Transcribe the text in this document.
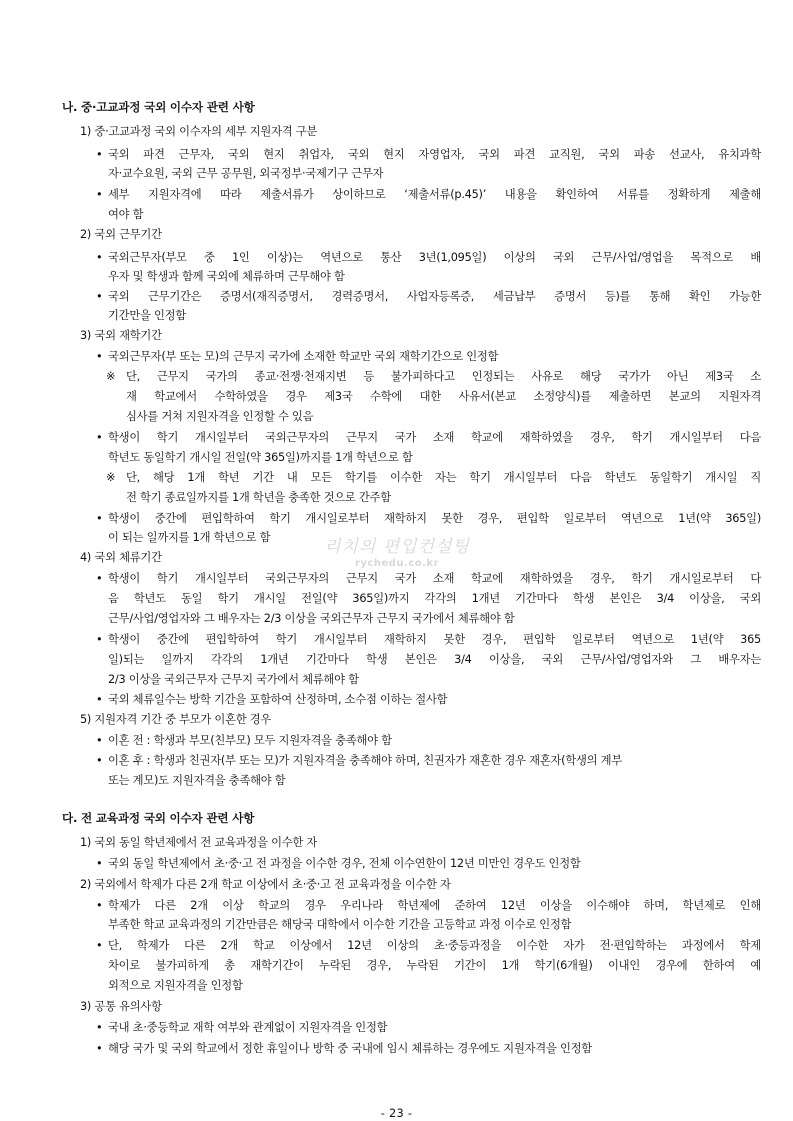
나. 중·고교과정 국외 이수자 관련 사항
1) 중·고교과정 국외 이수자의 세부 지원자격 구분
• 국외 파견 근무자, 국외 현지 취업자, 국외 현지 자영업자, 국외 파견 교직원, 국외 파송 선교사, 유치과학
자·교수요원, 국외 근무 공무원, 외국정부·국제기구 근무자
• 세부 지원자격에 따라 제출서류가 상이하므로 ‘제출서류(p.45)’ 내용을 확인하여 서류를 정확하게 제출해
여야 함
2) 국외 근무기간
• 국외근무자(부모 중 1인 이상)는 역년으로 통산 3년(1,095일) 이상의 국외 근무/사업/영업을 목적으로 배
우자 및 학생과 함께 국외에 체류하며 근무해야 함
• 국외 근무기간은 증명서(재직증명서, 경력증명서, 사업자등록증, 세금납부 증명서 등)를 통해 확인 가능한
기간만을 인정함
3) 국외 재학기간
• 국외근무자(부 또는 모)의 근무지 국가에 소재한 학교만 국외 재학기간으로 인정함
※ 단, 근무지 국가의 종교·전쟁·천재지변 등 불가피하다고 인정되는 사유로 해당 국가가 아닌 제3국 소
재 학교에서 수학하였을 경우 제3국 수학에 대한 사유서(본교 소정양식)를 제출하면 본교의 지원자격
심사를 거쳐 지원자격을 인정할 수 있음
• 학생이 학기 개시일부터 국외근무자의 근무지 국가 소재 학교에 재학하였을 경우, 학기 개시일부터 다음
학년도 동일학기 개시일 전일(약 365일)까지를 1개 학년으로 함
※ 단, 해당 1개 학년 기간 내 모든 학기를 이수한 자는 학기 개시일부터 다음 학년도 동일학기 개시일 직
전 학기 종료일까지를 1개 학년을 충족한 것으로 간주함
• 학생이 중간에 편입학하여 학기 개시일로부터 재학하지 못한 경우, 편입학 일로부터 역년으로 1년(약 365일)
이 되는 일까지를 1개 학년으로 함
4) 국외 체류기간
• 학생이 학기 개시일부터 국외근무자의 근무지 국가 소재 학교에 재학하였을 경우, 학기 개시일로부터 다
음 학년도 동일 학기 개시일 전일(약 365일)까지 각각의 1개년 기간마다 학생 본인은 3/4 이상을, 국외
근무/사업/영업자와 그 배우자는 2/3 이상을 국외근무자 근무지 국가에서 체류해야 함
• 학생이 중간에 편입학하여 학기 개시일부터 재학하지 못한 경우, 편입학 일로부터 역년으로 1년(약 365
일)되는 일까지 각각의 1개년 기간마다 학생 본인은 3/4 이상을, 국외 근무/사업/영업자와 그 배우자는
2/3 이상을 국외근무자 근무지 국가에서 체류해야 함
• 국외 체류일수는 방학 기간을 포함하여 산정하며, 소수점 이하는 절사함
5) 지원자격 기간 중 부모가 이혼한 경우
• 이혼 전 : 학생과 부모(친부모) 모두 지원자격을 충족해야 함
• 이혼 후 : 학생과 친권자(부 또는 모)가 지원자격을 충족해야 하며, 친권자가 재혼한 경우 재혼자(학생의 계부
또는 계모)도 지원자격을 충족해야 함
다. 전 교육과정 국외 이수자 관련 사항
1) 국외 동일 학년제에서 전 교육과정을 이수한 자
• 국외 동일 학년제에서 초·중·고 전 과정을 이수한 경우, 전체 이수연한이 12년 미만인 경우도 인정함
2) 국외에서 학제가 다른 2개 학교 이상에서 초·중·고 전 교육과정을 이수한 자
• 학제가 다른 2개 이상 학교의 경우 우리나라 학년제에 준하여 12년 이상을 이수해야 하며, 학년제로 인해
부족한 학교 교육과정의 기간만큼은 해당국 대학에서 이수한 기간을 고등학교 과정 이수로 인정함
• 단, 학제가 다른 2개 학교 이상에서 12년 이상의 초·중등과정을 이수한 자가 전·편입학하는 과정에서 학제
차이로 불가피하게 총 재학기간이 누락된 경우, 누락된 기간이 1개 학기(6개월) 이내인 경우에 한하여 예
외적으로 지원자격을 인정함
3) 공통 유의사항
• 국내 초·중등학교 재학 여부와 관계없이 지원자격을 인정함
• 해당 국가 및 국외 학교에서 정한 휴일이나 방학 중 국내에 임시 체류하는 경우에도 지원자격을 인정함
리치의 편입컨설팅
rychedu.co.kr
- 23 -
